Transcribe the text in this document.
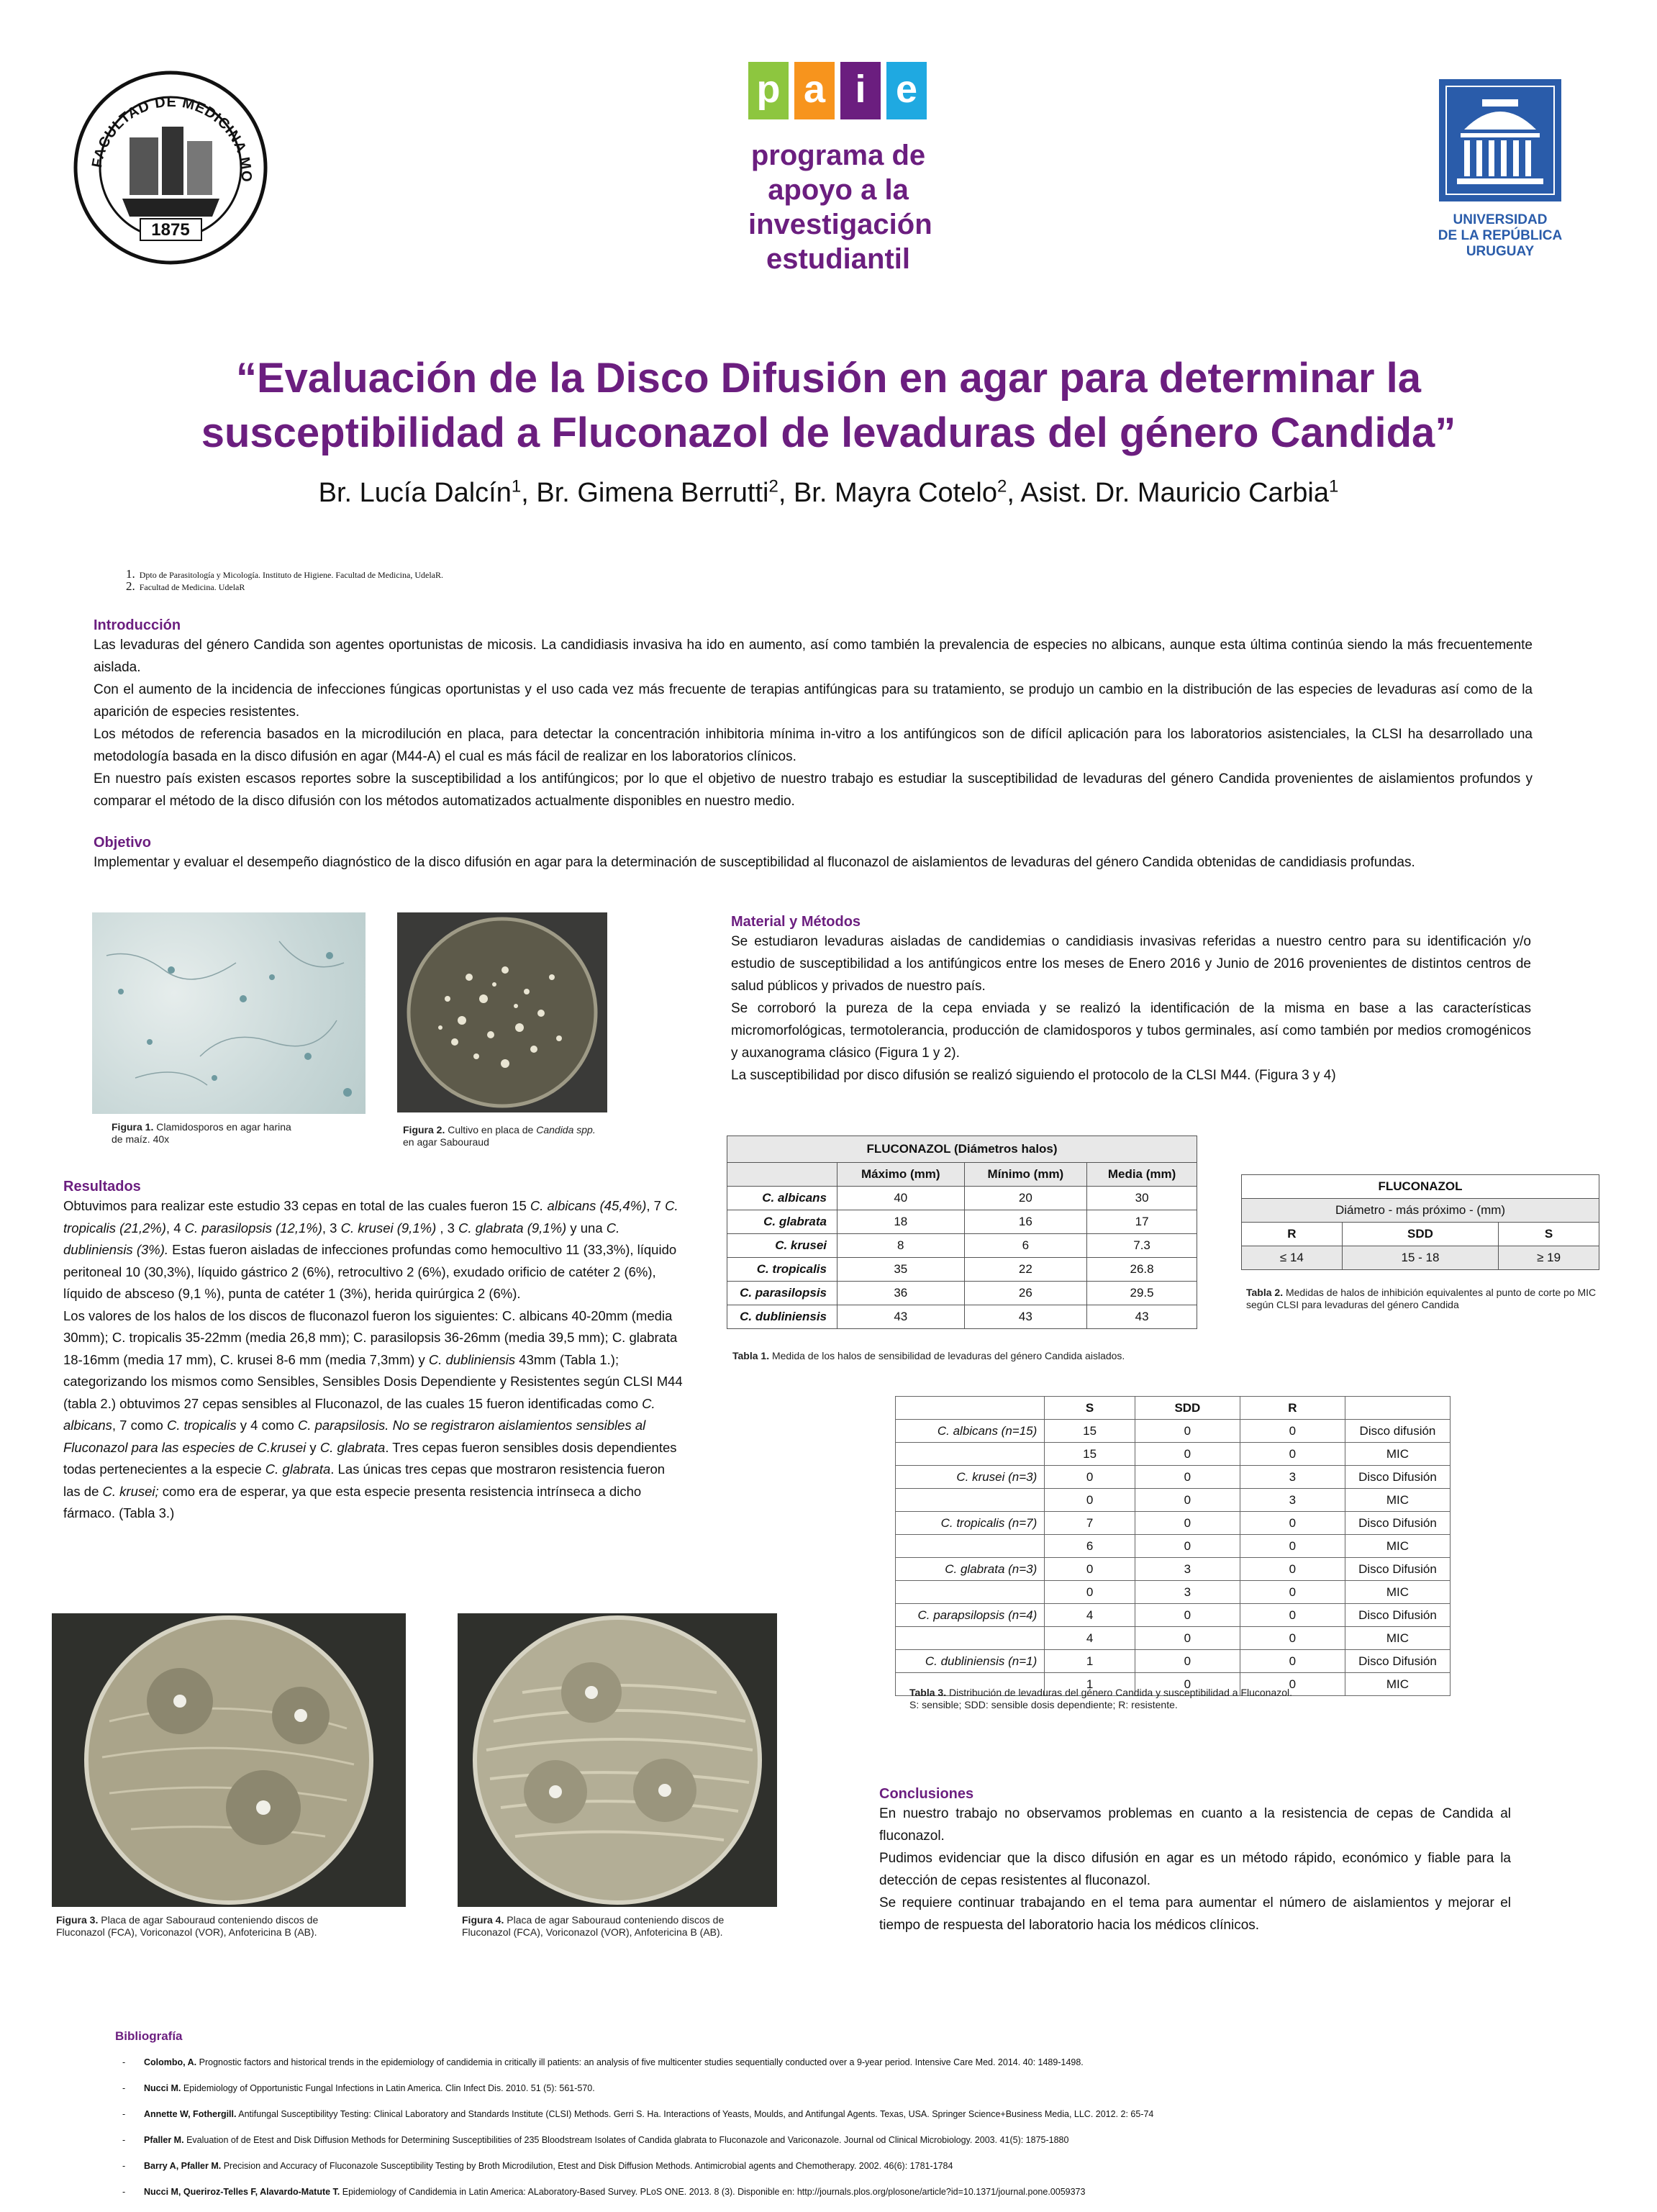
FACULTAD DE MEDICINA MO
1875
p a i e
programa de
apoyo a la
investigación
estudiantil
UNIVERSIDAD
DE LA REPÚBLICA
URUGUAY
“Evaluación de la Disco Difusión en agar para determinar la
susceptibilidad a Fluconazol de levaduras del género Candida”
Br. Lucía Dalcín$^1$, Br. Gimena Berrutti$^2$, Br. Mayra Cotelo$^2$, Asist. Dr. Mauricio Carbia$^1$
1. Dpto de Parasitología y Micología. Instituto de Higiene. Facultad de Medicina, UdelaR.
2. Facultad de Medicina. UdelaR
Introducción
Las levaduras del género Candida son agentes oportunistas de micosis. La candidiasis invasiva ha ido en aumento, así como también la prevalencia de especies no albicans, aunque esta última continúa siendo la más frecuentemente aislada.
Con el aumento de la incidencia de infecciones fúngicas oportunistas y el uso cada vez más frecuente de terapias antifúngicas para su tratamiento, se produjo un cambio en la distribución de las especies de levaduras así como de la aparición de especies resistentes.
Los métodos de referencia basados en la microdilución en placa, para detectar la concentración inhibitoria mínima in-vitro a los antifúngicos son de difícil aplicación para los laboratorios asistenciales, la CLSI ha desarrollado una metodología basada en la disco difusión en agar (M44-A) el cual es más fácil de realizar en los laboratorios clínicos.
En nuestro país existen escasos reportes sobre la susceptibilidad a los antifúngicos; por lo que el objetivo de nuestro trabajo es estudiar la susceptibilidad de levaduras del género Candida provenientes de aislamientos profundos y comparar el método de la disco difusión con los métodos automatizados actualmente disponibles en nuestro medio.
Objetivo
Implementar y evaluar el desempeño diagnóstico de la disco difusión en agar para la determinación de susceptibilidad al fluconazol de aislamientos de levaduras del género Candida obtenidas de candidiasis profundas.
Figura 1. Clamidosporos en agar harina de maíz. 40x
Figura 2. Cultivo en placa de Candida spp. en agar Sabouraud
Material y Métodos
Se estudiaron levaduras aisladas de candidemias o candidiasis invasivas referidas a nuestro centro para su identificación y/o estudio de susceptibilidad a los antifúngicos entre los meses de Enero 2016 y Junio de 2016 provenientes de distintos centros de salud públicos y privados de nuestro país.
Se corroboró la pureza de la cepa enviada y se realizó la identificación de la misma en base a las características micromorfológicas, termotolerancia, producción de clamidosporos y tubos germinales, así como también por medios cromogénicos y auxanograma clásico (Figura 1 y 2).
La susceptibilidad por disco difusión se realizó siguiendo el protocolo de la CLSI M44. (Figura 3 y 4)
Resultados
Obtuvimos para realizar este estudio 33 cepas en total de las cuales fueron 15 C. albicans (45,4%), 7 C. tropicalis (21,2%), 4 C. parasilopsis (12,1%), 3 C. krusei (9,1%) , 3 C. glabrata (9,1%) y una C. dubliniensis (3%). Estas fueron aisladas de infecciones profundas como hemocultivo 11 (33,3%), líquido peritoneal 10 (30,3%), líquido gástrico 2 (6%), retrocultivo 2 (6%), exudado orificio de catéter 2 (6%), líquido de absceso (9,1 %), punta de catéter 1 (3%), herida quirúrgica 2 (6%).
Los valores de los halos de los discos de fluconazol fueron los siguientes: C. albicans 40-20mm (media 30mm); C. tropicalis 35-22mm (media 26,8 mm); C. parasilopsis 36-26mm (media 39,5 mm); C. glabrata 18-16mm (media 17 mm), C. krusei 8-6 mm (media 7,3mm) y C. dubliniensis 43mm (Tabla 1.); categorizando los mismos como Sensibles, Sensibles Dosis Dependiente y Resistentes según CLSI M44 (tabla 2.) obtuvimos 27 cepas sensibles al Fluconazol, de las cuales 15 fueron identificadas como C. albicans, 7 como C. tropicalis y 4 como C. parapsilosis. No se registraron aislamientos sensibles al Fluconazol para las especies de C.krusei y C. glabrata. Tres cepas fueron sensibles dosis dependientes todas pertenecientes a la especie C. glabrata. Las únicas tres cepas que mostraron resistencia fueron las de C. krusei; como era de esperar, ya que esta especie presenta resistencia intrínseca a dicho fármaco. (Tabla 3.)
FLUCONAZOL (Diámetros halos)			
	Máximo (mm)	Mínimo (mm)	Media (mm)
C. albicans	40	20	30
C. glabrata	18	16	17
C. krusei	8	6	7.3
C. tropicalis	35	22	26.8
C. parasilopsis	36	26	29.5
C. dubliniensis	43	43	43
Tabla 1. Medida de los halos de sensibilidad de levaduras del género Candida aislados.
FLUCONAZOL		
Diámetro - más próximo - (mm)		
R	SDD	S
≤ 14	15 - 18	≥ 19
Tabla 2. Medidas de halos de inhibición equivalentes al punto de corte po MIC según CLSI para levaduras del género Candida
	S	SDD	R	
C. albicans (n=15)	15	0	0	Disco difusión
	15	0	0	MIC
C. krusei (n=3)	0	0	3	Disco Difusión
	0	0	3	MIC
C. tropicalis (n=7)	7	0	0	Disco Difusión
	6	0	0	MIC
C. glabrata (n=3)	0	3	0	Disco Difusión
	0	3	0	MIC
C. parapsilopsis (n=4)	4	0	0	Disco Difusión
	4	0	0	MIC
C. dubliniensis (n=1)	1	0	0	Disco Difusión
	1	0	0	MIC
Tabla 3. Distribución de levaduras del género Candida y susceptibilidad a Fluconazol.
S: sensible; SDD: sensible dosis dependiente; R: resistente.
Figura 3. Placa de agar Sabouraud conteniendo discos de Fluconazol (FCA), Voriconazol (VOR), Anfotericina B (AB).
Figura 4. Placa de agar Sabouraud conteniendo discos de Fluconazol (FCA), Voriconazol (VOR), Anfotericina B (AB).
Conclusiones
En nuestro trabajo no observamos problemas en cuanto a la resistencia de cepas de Candida al fluconazol.
Pudimos evidenciar que la disco difusión en agar es un método rápido, económico y fiable para la detección de cepas resistentes al fluconazol.
Se requiere continuar trabajando en el tema para aumentar el número de aislamientos y mejorar el tiempo de respuesta del laboratorio hacia los médicos clínicos.
Bibliografía
- Colombo, A. Prognostic factors and historical trends in the epidemiology of candidemia in critically ill patients: an analysis of five multicenter studies sequentially conducted over a 9-year period. Intensive Care Med. 2014. 40: 1489-1498.
- Nucci M. Epidemiology of Opportunistic Fungal Infections in Latin America. Clin Infect Dis. 2010. 51 (5): 561-570.
- Annette W, Fothergill. Antifungal Susceptibilityy Testing: Clinical Laboratory and Standards Institute (CLSI) Methods. Gerri S. Ha. Interactions of Yeasts, Moulds, and Antifungal Agents. Texas, USA. Springer Science+Business Media, LLC. 2012. 2: 65-74
- Pfaller M. Evaluation of de Etest and Disk Diffusion Methods for Determining Susceptibilities of 235 Bloodstream Isolates of Candida glabrata to Fluconazole and Variconazole. Journal od Clinical Microbiology. 2003. 41(5): 1875-1880
- Barry A, Pfaller M. Precision and Accuracy of Fluconazole Susceptibility Testing by Broth Microdilution, Etest and Disk Diffusion Methods. Antimicrobial agents and Chemotherapy. 2002. 46(6): 1781-1784
- Nucci M, Queriroz-Telles F, Alavardo-Matute T. Epidemiology of Candidemia in Latin America: ALaboratory-Based Survey. PLoS ONE. 2013. 8 (3). Disponible en: http://journals.plos.org/plosone/article?id=10.1371/journal.pone.0059373
